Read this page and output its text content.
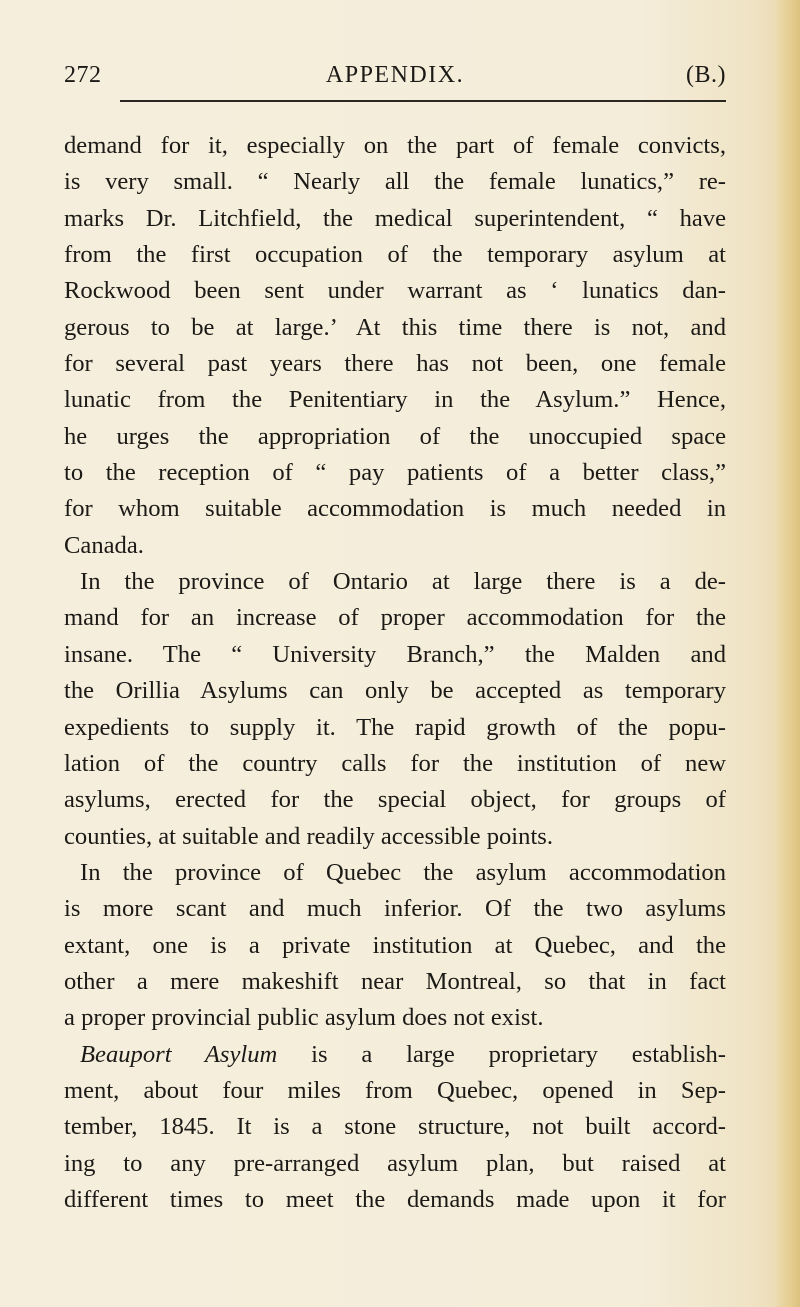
272	APPENDIX.	(B.)
demand for it, especially on the part of female convicts,
is very small. “ Nearly all the female lunatics,” re-
marks Dr. Litchfield, the medical superintendent, “ have
from the first occupation of the temporary asylum at
Rockwood been sent under warrant as ‘ lunatics dan-
gerous to be at large.’ At this time there is not, and
for several past years there has not been, one female
lunatic from the Penitentiary in the Asylum.” Hence,
he urges the appropriation of the unoccupied space
to the reception of “ pay patients of a better class,”
for whom suitable accommodation is much needed in
Canada.
In the province of Ontario at large there is a de-
mand for an increase of proper accommodation for the
insane. The “ University Branch,” the Malden and
the Orillia Asylums can only be accepted as temporary
expedients to supply it. The rapid growth of the popu-
lation of the country calls for the institution of new
asylums, erected for the special object, for groups of
counties, at suitable and readily accessible points.
In the province of Quebec the asylum accommodation
is more scant and much inferior. Of the two asylums
extant, one is a private institution at Quebec, and the
other a mere makeshift near Montreal, so that in fact
a proper provincial public asylum does not exist.
Beauport Asylum is a large proprietary establish-
ment, about four miles from Quebec, opened in Sep-
tember, 1845. It is a stone structure, not built accord-
ing to any pre-arranged asylum plan, but raised at
different times to meet the demands made upon it for
